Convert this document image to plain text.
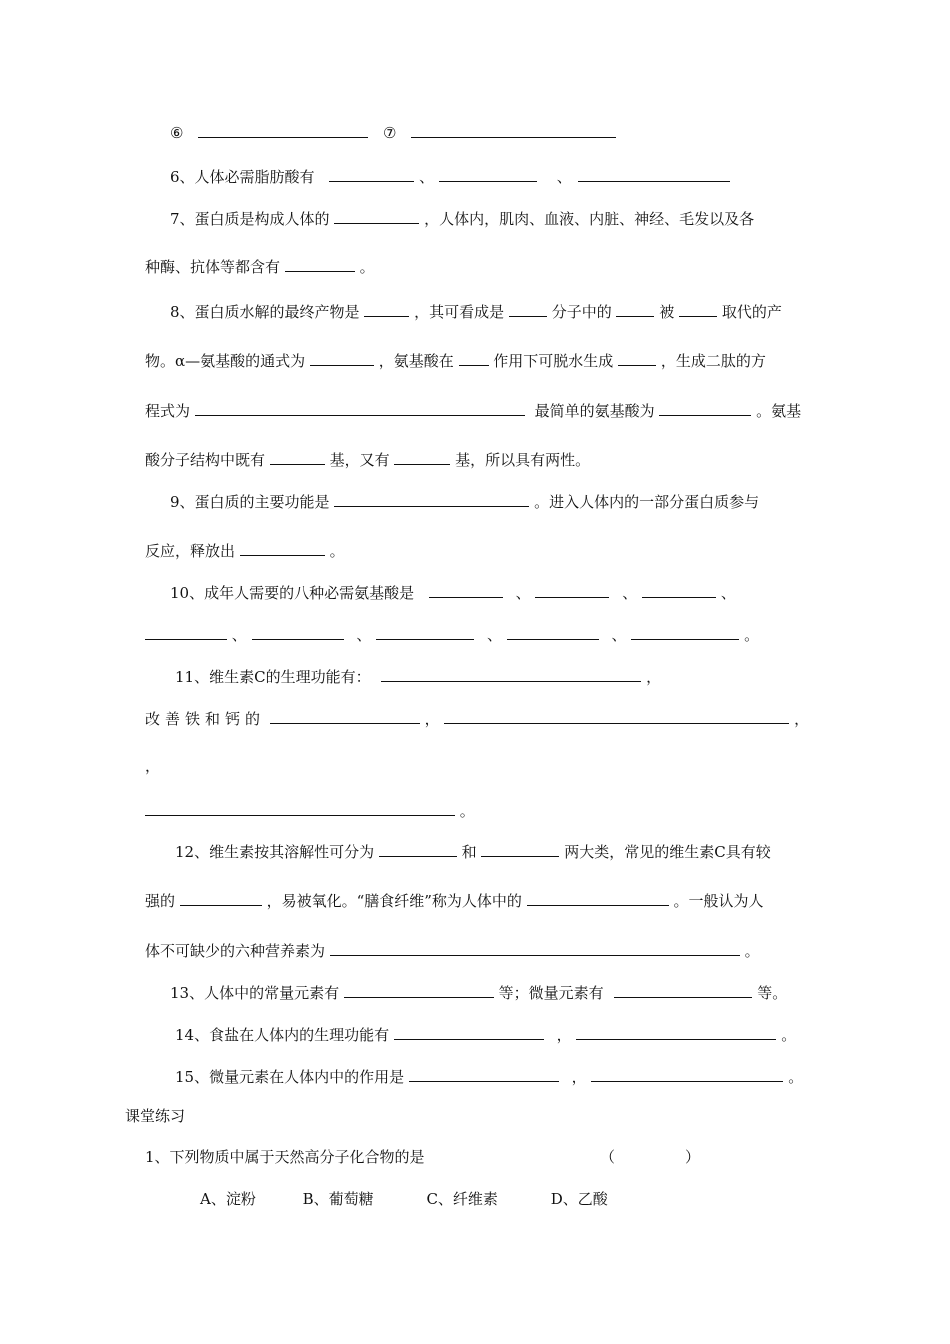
⑥	⑦
6、人体必需脂肪酸有	、	、
7、蛋白质是构成人体的	，人体内，肌肉、血液、内脏、神经、毛发以及各
种酶、抗体等都含有	。
8、蛋白质水解的最终产物是	，其可看成是	分子中的	被	取代的产
物。α—氨基酸的通式为	，氨基酸在	作用下可脱水生成	，生成二肽的方
程式为	最简单的氨基酸为	。氨基
酸分子结构中既有	基，又有	基，所以具有两性。
9、蛋白质的主要功能是	。进入人体内的一部分蛋白质参与
反应，释放出	。
10、成年人需要的八种必需氨基酸是	、	、	、
、	、	、	、	。
11、维生素C的生理功能有：	，
改善铁和钙的	，	，
，
。
12、维生素按其溶解性可分为	和	两大类，常见的维生素C具有较
强的	，易被氧化。“膳食纤维”称为人体中的	。一般认为人
体不可缺少的六种营养素为	。
13、人体中的常量元素有	等；微量元素有	等。
14、食盐在人体内的生理功能有	，	。
15、微量元素在人体内中的作用是	，	。
课堂练习
1、下列物质中属于天然高分子化合物的是	（	）
A、淀粉	B、葡萄糖	C、纤维素	D、乙酸
